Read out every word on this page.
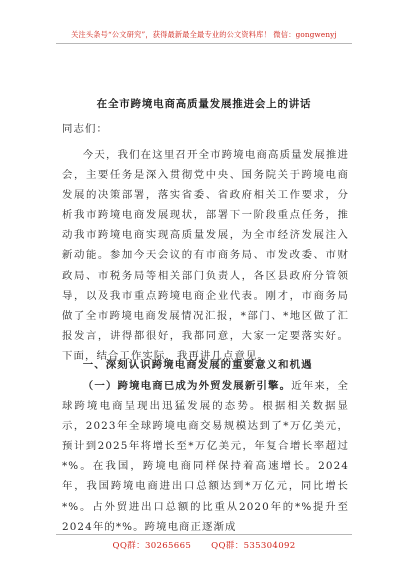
关注头条号“公文研究”，获得最新最全最专业的公文资料库！ 微信：gongwenyj
在全市跨境电商高质量发展推进会上的讲话

同志们：

今天，我们在这里召开全市跨境电商高质量发展推进会，主要任务是深入贯彻党中央、国务院关于跨境电商发展的决策部署，落实省委、省政府相关工作要求，分析我市跨境电商发展现状，部署下一阶段重点任务，推动我市跨境电商实现高质量发展，为全市经济发展注入新动能。参加今天会议的有市商务局、市发改委、市财政局、市税务局等相关部门负责人，各区县政府分管领导，以及我市重点跨境电商企业代表。刚才，市商务局做了全市跨境电商发展情况汇报，*部门、*地区做了汇报发言，讲得都很好，我都同意，大家一定要落实好。下面，结合工作实际，我再讲几点意见。

一、深刻认识跨境电商发展的重要意义和机遇

（一）跨境电商已成为外贸发展新引擎。近年来，全球跨境电商呈现出迅猛发展的态势。根据相关数据显示，2023年全球跨境电商交易规模达到了*万亿美元，预计到2025年将增长至*万亿美元，年复合增长率超过*%。在我国，跨境电商同样保持着高速增长。2024年，我国跨境电商进出口总额达到*万亿元，同比增长*%。占外贸进出口总额的比重从2020年的*%提升至2024年的*%。跨境电商正逐渐成

QQ群：30265665 QQ群：535304092
